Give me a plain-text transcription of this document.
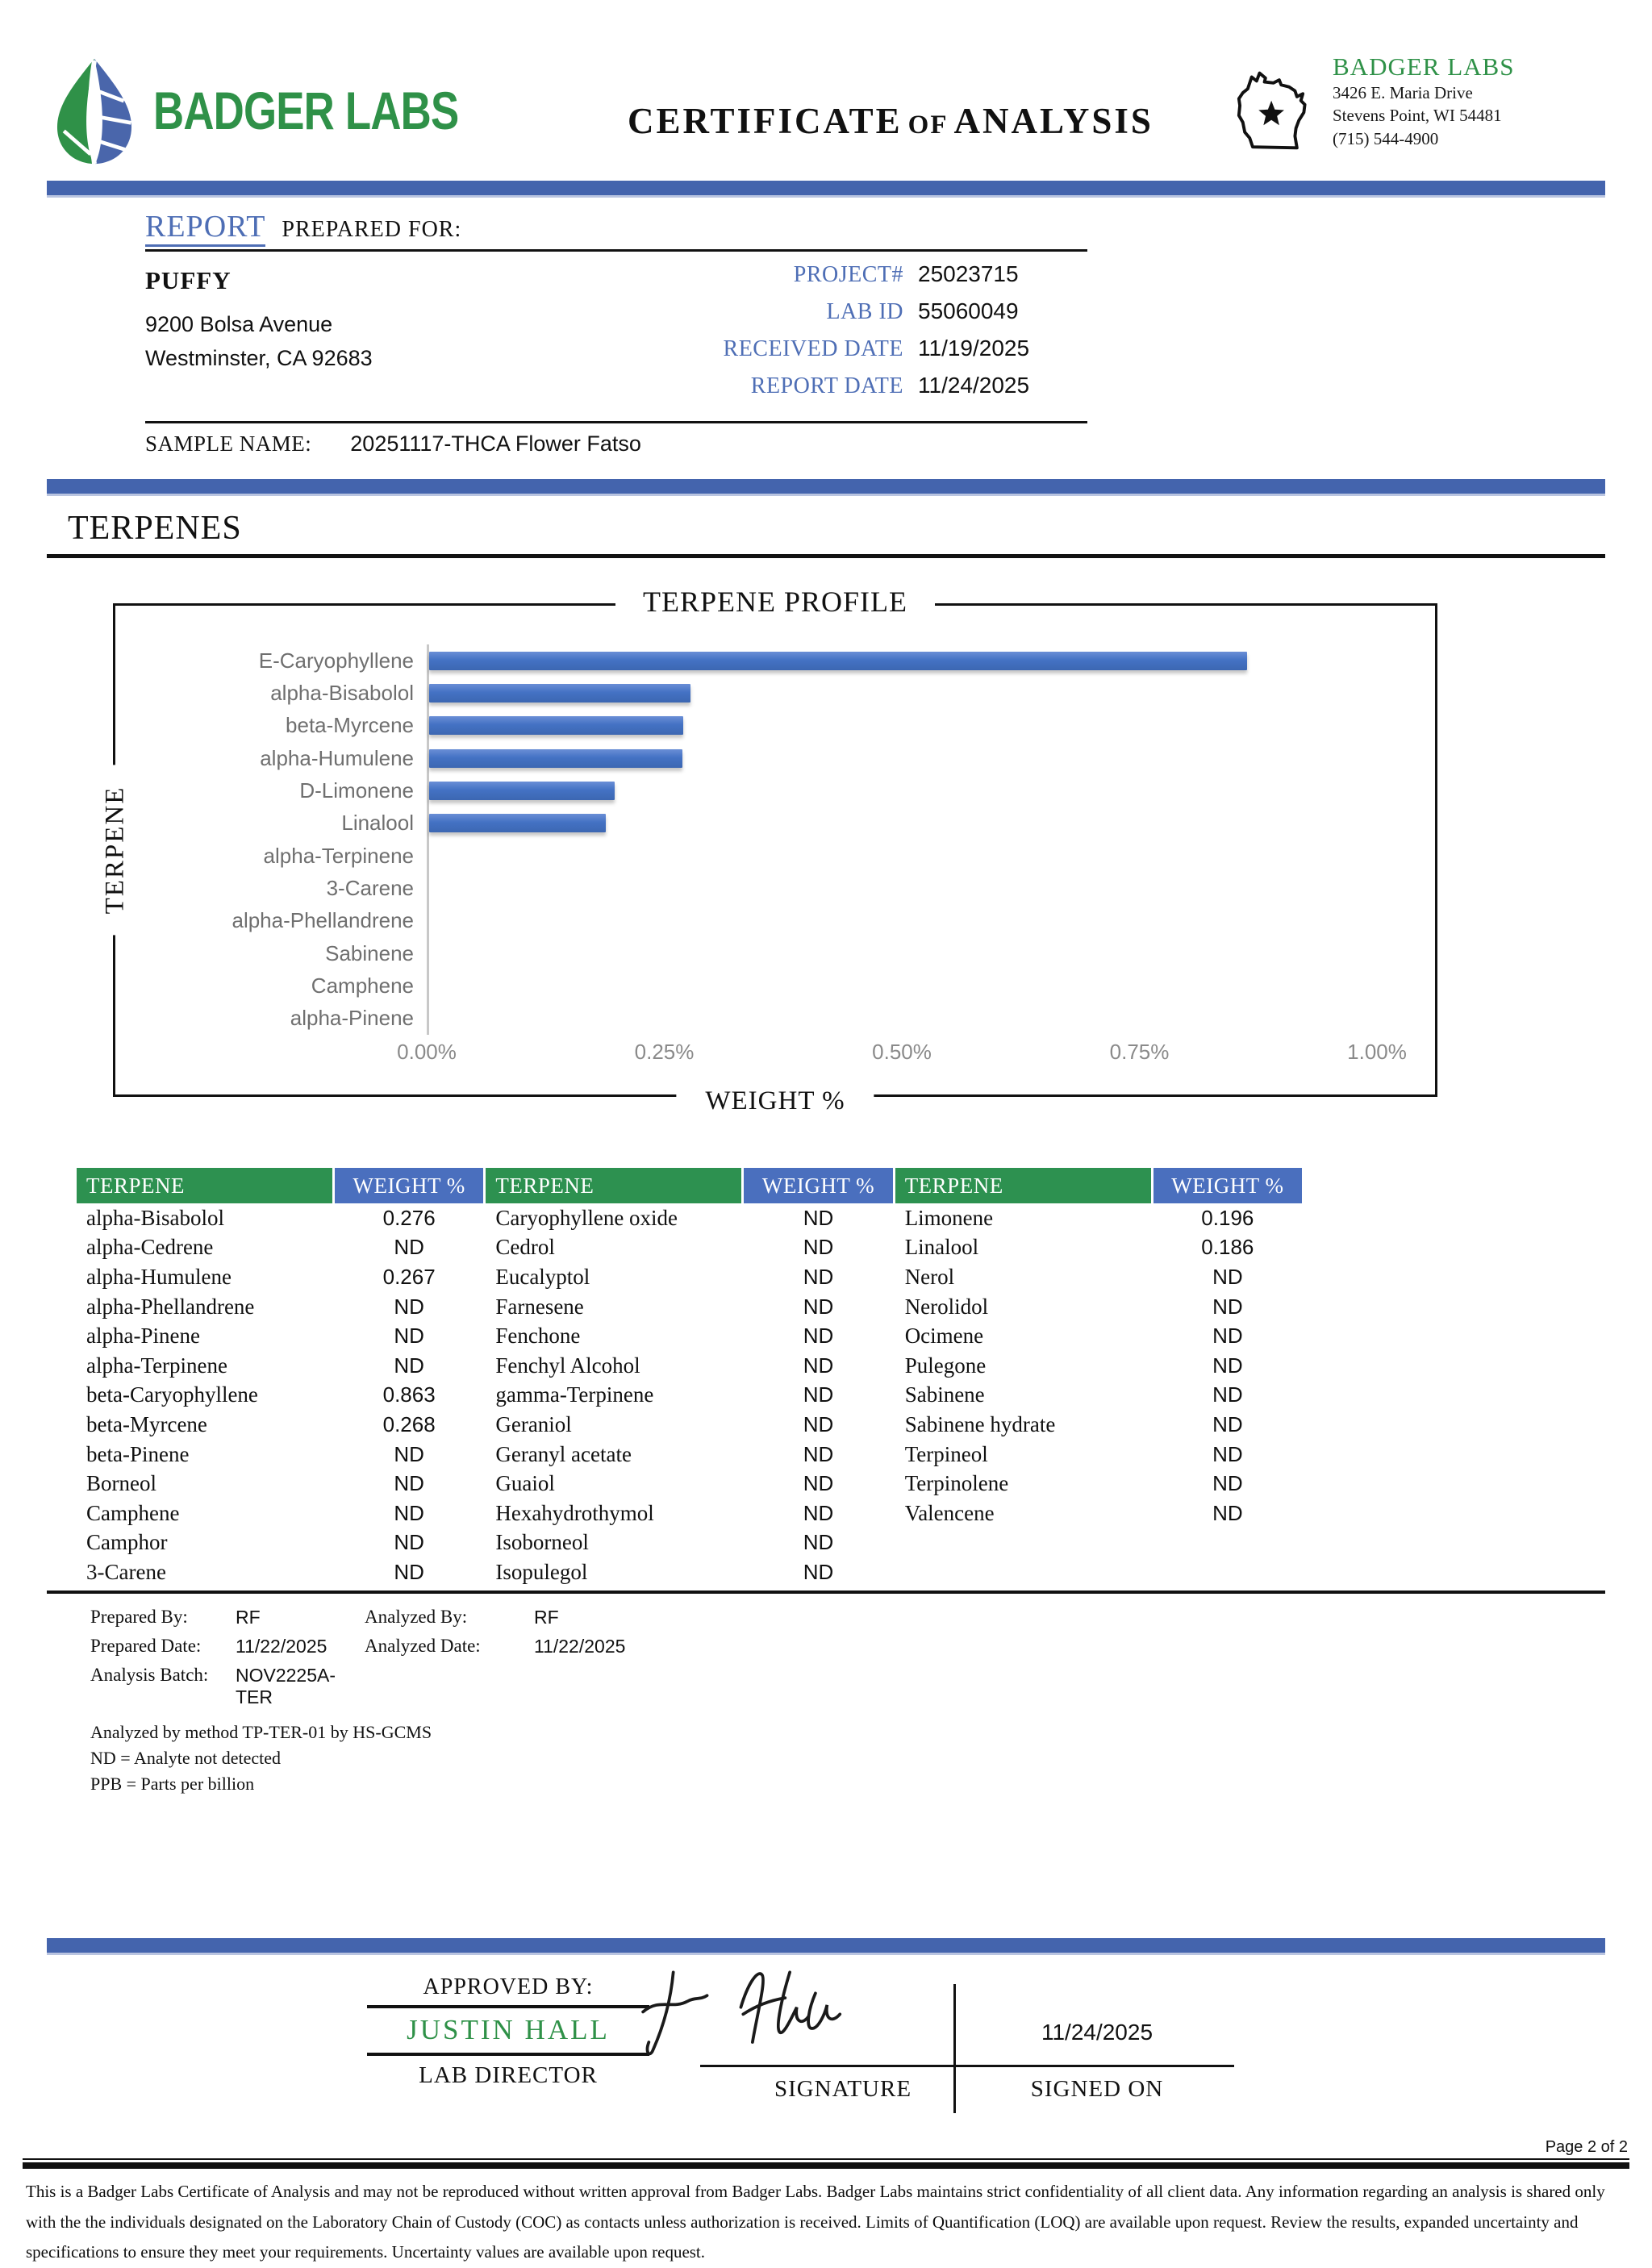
BADGER LABS	CERTIFICATE OF ANALYSIS
BADGER LABS
3426 E. Maria Drive
Stevens Point, WI 54481
(715) 544-4900
REPORT PREPARED FOR:
PUFFY
9200 Bolsa Avenue
Westminster, CA 92683
PROJECT# 25023715
LAB ID 55060049
RECEIVED DATE 11/19/2025
REPORT DATE 11/24/2025
SAMPLE NAME: 20251117-THCA Flower Fatso
TERPENES
TERPENE PROFILE
TERPENE
E-Caryophyllene
alpha-Bisabolol
beta-Myrcene
alpha-Humulene
D-Limonene
Linalool
alpha-Terpinene
3-Carene
alpha-Phellandrene
Sabinene
Camphene
alpha-Pinene
0.00%	0.25%	0.50%	0.75%	1.00%
WEIGHT %
TERPENE	WEIGHT %	TERPENE	WEIGHT %	TERPENE	WEIGHT %
alpha-Bisabolol	0.276	Caryophyllene oxide	ND	Limonene	0.196
alpha-Cedrene	ND	Cedrol	ND	Linalool	0.186
alpha-Humulene	0.267	Eucalyptol	ND	Nerol	ND
alpha-Phellandrene	ND	Farnesene	ND	Nerolidol	ND
alpha-Pinene	ND	Fenchone	ND	Ocimene	ND
alpha-Terpinene	ND	Fenchyl Alcohol	ND	Pulegone	ND
beta-Caryophyllene	0.863	gamma-Terpinene	ND	Sabinene	ND
beta-Myrcene	0.268	Geraniol	ND	Sabinene hydrate	ND
beta-Pinene	ND	Geranyl acetate	ND	Terpineol	ND
Borneol	ND	Guaiol	ND	Terpinolene	ND
Camphene	ND	Hexahydrothymol	ND	Valencene	ND
Camphor	ND	Isoborneol	ND
3-Carene	ND	Isopulegol	ND
Prepared By:	RF	Analyzed By:	RF
Prepared Date:	11/22/2025	Analyzed Date:	11/22/2025
Analysis Batch:	NOV2225A-TER
Analyzed by method TP-TER-01 by HS-GCMS
ND = Analyte not detected
PPB = Parts per billion
APPROVED BY:
JUSTIN HALL
LAB DIRECTOR
SIGNATURE
11/24/2025
SIGNED ON
Page 2 of 2

This is a Badger Labs Certificate of Analysis and may not be reproduced without written approval from Badger Labs. Badger Labs maintains strict confidentiality of all client data. Any information regarding an analysis is shared only with the the individuals designated on the Laboratory Chain of Custody (COC) as contacts unless authorization is received. Limits of Quantification (LOQ) are available upon request. Review the results, expanded uncertainty and specifications to ensure they meet your requirements. Uncertainty values are available upon request.
